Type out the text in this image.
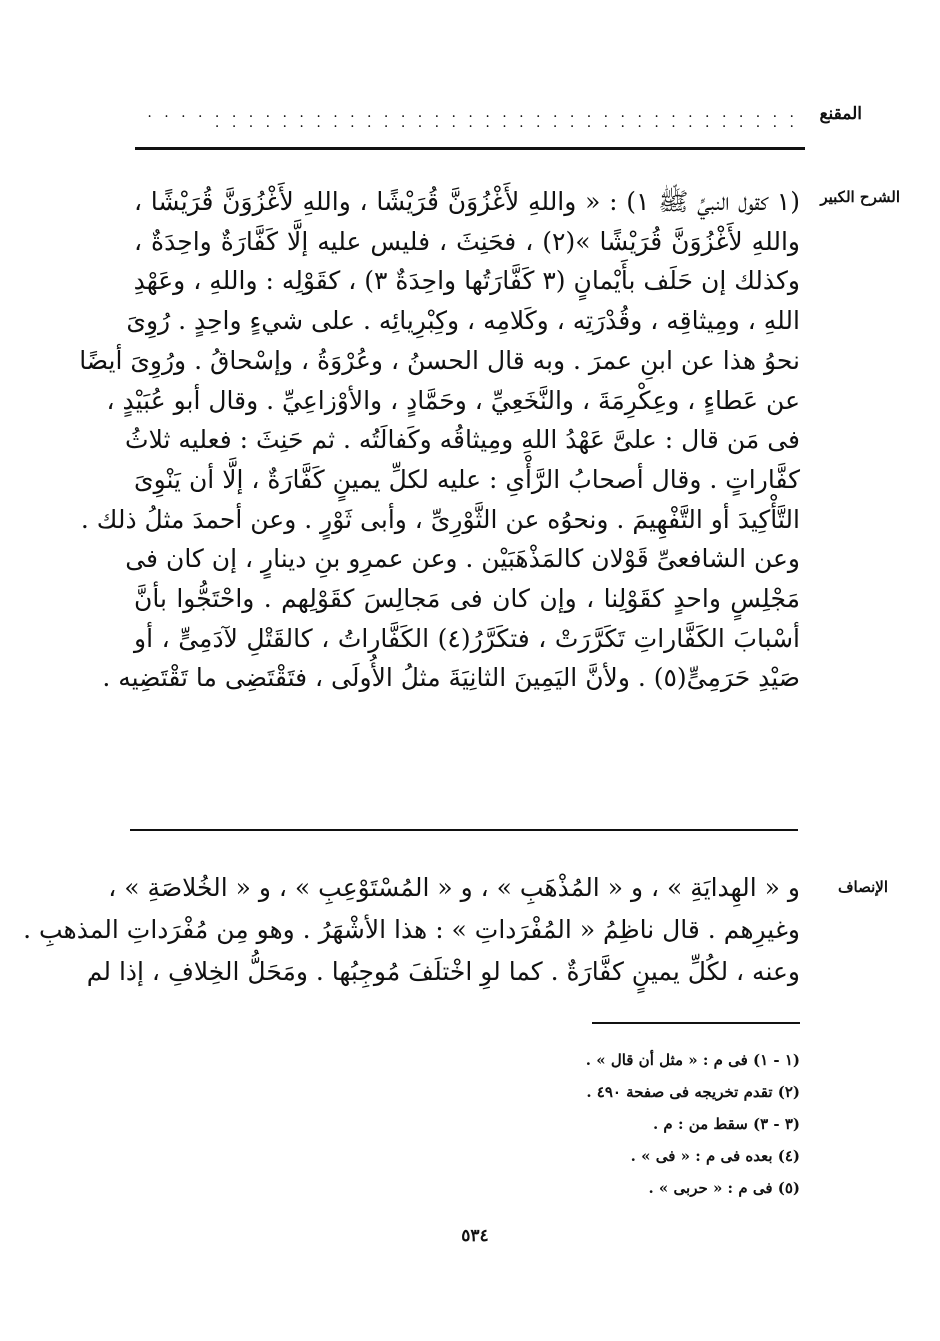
المقنع
. . . . . . . . . . . . . . . . . . . . . . . . . . . . . . . . . . . . . . . . . . . . . . . . . . . . . . . . . . . . . . . . . . . . . . . . . .
الشرح الكبير
(١ كقول النبيِّ ﷺ ١) : « واللهِ لأَغْزُوَنَّ قُرَيْشًا ، واللهِ لأَغْزُوَنَّ قُرَيْشًا ،
واللهِ لأَغْزُوَنَّ قُرَيْشًا »(٢) ، فحَنِثَ ، فليس عليه إلَّا كَفَّارَةٌ واحِدَةٌ ،
وكذلك إن حَلَف بأَيْمانٍ (٣ كَفَّارَتُها واحِدَةٌ ٣) ، كقَوْلِه : واللهِ ، وعَهْدِ
اللهِ ، ومِيثاقِه ، وقُدْرَتِه ، وكَلامِه ، وكِبْرِيائِه . على شيءٍ واحِدٍ . رُوِىَ
نحوُ هذا عن ابنِ عمرَ . وبه قال الحسنُ ، وعُرْوَةُ ، وإسْحاقُ . ورُوِىَ أيضًا
عن عَطاءٍ ، وعِكْرِمَةَ ، والنَّخَعِيِّ ، وحَمَّادٍ ، والأوْزاعِيِّ . وقال أبو عُبَيْدٍ ،
فى مَن قال : علىَّ عَهْدُ اللهِ ومِيثاقُه وكَفالَتُه . ثم حَنِثَ : فعليه ثلاثُ
كفَّاراتٍ . وقال أصحابُ الرَّأْىِ : عليه لكلِّ يمينٍ كَفَّارَةٌ ، إلَّا أن يَنْوِىَ
التَّأْكِيدَ أو التَّفْهِيمَ . ونحوُه عن الثَّوْرِىِّ ، وأبى ثَوْرٍ . وعن أحمدَ مثلُ ذلك .
وعن الشافعىِّ قَوْلان كالمَذْهَبَيْن . وعن عمرِو بنِ دينارٍ ، إن كان فى
مَجْلِسٍ واحدٍ كقَوْلِنا ، وإن كان فى مَجالِسَ كقَوْلِهم . واحْتَجُّوا بأنَّ
أسْبابَ الكَفَّاراتِ تَكَرَّرَتْ ، فتكَرَّرُ(٤) الكَفَّاراتُ ، كالقَتْلِ لآدَمِىٍّ ، أو
صَيْدِ حَرَمِىٍّ(٥) . ولأنَّ اليَمِينَ الثانِيَةَ مثلُ الأُولَى ، فتَقْتَضِى ما تَقْتَضِيه .
الإنصاف
و « الهِدايَةِ » ، و « المُذْهَبِ » ، و « المُسْتَوْعِبِ » ، و « الخُلاصَةِ » ،
وغيرِهم . قال ناظِمُ « المُفْرَداتِ » : هذا الأشْهَرُ . وهو مِن مُفْرَداتِ المذهبِ .
وعنه ، لكُلِّ يمينٍ كفَّارَةٌ . كما لوِ اخْتلَفَ مُوجِبُها . ومَحَلُّ الخِلافِ ، إذا لم
(١ - ١) فى م : « مثل أن قال » .
(٢) تقدم تخريجه فى صفحة ٤٩٠ .
(٣ - ٣) سقط من : م .
(٤) بعده فى م : « فى » .
(٥) فى م : « حربى » .
٥٣٤
